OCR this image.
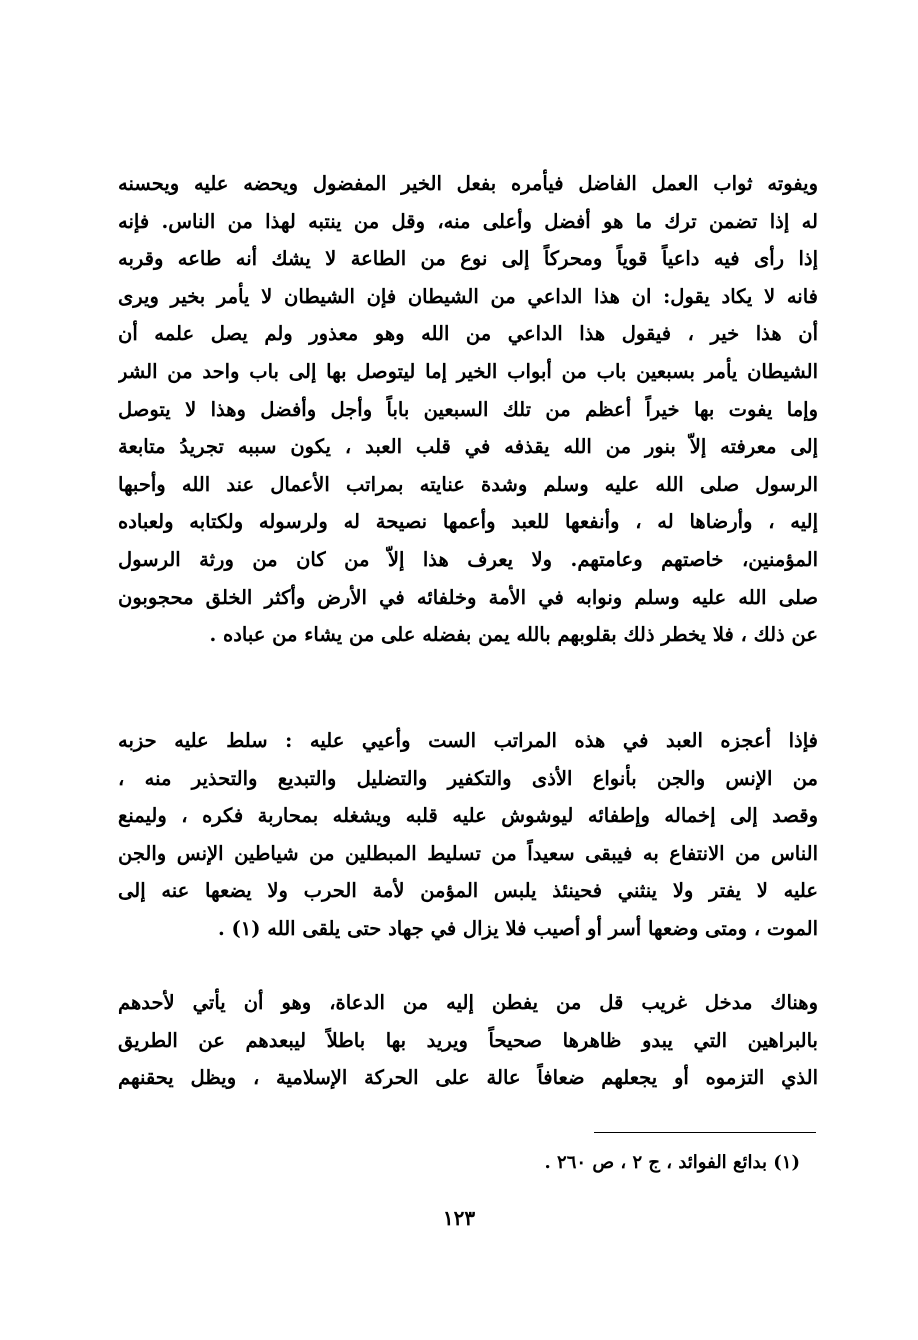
ويفوته ثواب العمل الفاضل فيأمره بفعل الخير المفضول ويحضه عليه ويحسنه
له إذا تضمن ترك ما هو أفضل وأعلى منه، وقل من ينتبه لهذا من الناس. فإنه
إذا رأى فيه داعياً قوياً ومحركاً إلى نوع من الطاعة لا يشك أنه طاعه وقربه
فانه لا يكاد يقول: ان هذا الداعي من الشيطان فإن الشيطان لا يأمر بخير ويرى
أن هذا خير ، فيقول هذا الداعي من الله وهو معذور ولم يصل علمه أن
الشيطان يأمر بسبعين باب من أبواب الخير إما ليتوصل بها إلى باب واحد من الشر
وإما يفوت بها خيراً أعظم من تلك السبعين باباً وأجل وأفضل وهذا لا يتوصل
إلى معرفته إلاّ بنور من الله يقذفه في قلب العبد ، يكون سببه تجريدُ متابعة
الرسول صلى الله عليه وسلم وشدة عنايته بمراتب الأعمال عند الله وأحبها
إليه ، وأرضاها له ، وأنفعها للعبد وأعمها نصيحة له ولرسوله ولكتابه ولعباده
المؤمنين، خاصتهم وعامتهم. ولا يعرف هذا إلاّ من كان من ورثة الرسول
صلى الله عليه وسلم ونوابه في الأمة وخلفائه في الأرض وأكثر الخلق محجوبون
عن ذلك ، فلا يخطر ذلك بقلوبهم بالله يمن بفضله على من يشاء من عباده .
فإذا أعجزه العبد في هذه المراتب الست وأعيي عليه : سلط عليه حزبه
من الإنس والجن بأنواع الأذى والتكفير والتضليل والتبديع والتحذير منه ،
وقصد إلى إخماله وإطفائه ليوشوش عليه قلبه ويشغله بمحاربة فكره ، وليمنع
الناس من الانتفاع به فيبقى سعيداً من تسليط المبطلين من شياطين الإنس والجن
عليه لا يفتر ولا ينثني فحينئذ يلبس المؤمن لأمة الحرب ولا يضعها عنه إلى
الموت ، ومتى وضعها أسر أو أصيب فلا يزال في جهاد حتى يلقى الله (١) .
وهناك مدخل غريب قل من يفطن إليه من الدعاة، وهو أن يأتي لأحدهم
بالبراهين التي يبدو ظاهرها صحيحاً ويريد بها باطلاً ليبعدهم عن الطريق
الذي التزموه أو يجعلهم ضعافاً عالة على الحركة الإسلامية ، ويظل يحقنهم
(١) بدائع الفوائد ، ج ٢ ، ص ٢٦٠ .
١٢٣
